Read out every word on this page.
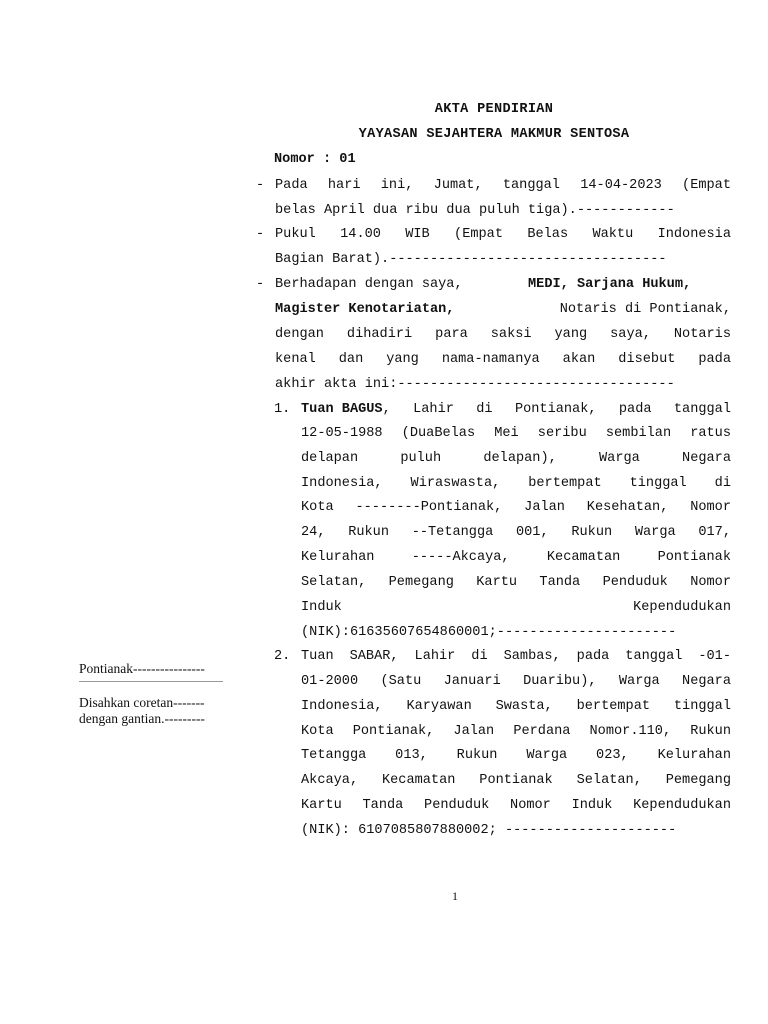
AKTA PENDIRIAN
YAYASAN SEJAHTERA MAKMUR SENTOSA
Nomor : 01
- Pada hari ini, Jumat, tanggal 14-04-2023 (Empat
belas April dua ribu dua puluh tiga).------------
- Pukul 14.00 WIB (Empat Belas Waktu Indonesia
Bagian Barat).----------------------------------
- Berhadapan dengan saya,	MEDI, Sarjana Hukum,
Magister Kenotariatan,	Notaris di Pontianak,
dengan dihadiri para saksi yang saya, Notaris
kenal dan yang nama-namanya akan disebut pada
akhir akta ini:----------------------------------
1. Tuan BAGUS , Lahir di Pontianak, pada tanggal
12-05-1988 (DuaBelas Mei seribu sembilan ratus
delapan puluh delapan), Warga Negara
Indonesia, Wiraswasta, bertempat tinggal di
Kota --------Pontianak, Jalan Kesehatan, Nomor
24, Rukun --Tetangga 001, Rukun Warga 017,
Kelurahan -----Akcaya, Kecamatan Pontianak
Selatan, Pemegang Kartu Tanda Penduduk Nomor
Induk Kependudukan
(NIK):61635607654860001;----------------------
2. Tuan SABAR, Lahir di Sambas, pada tanggal -01-
01-2000 (Satu Januari Duaribu), Warga Negara
Indonesia, Karyawan Swasta, bertempat tinggal
Kota Pontianak, Jalan Perdana Nomor.110, Rukun
Tetangga 013, Rukun Warga 023, Kelurahan
Akcaya, Kecamatan Pontianak Selatan, Pemegang
Kartu Tanda Penduduk Nomor Induk Kependudukan
(NIK): 6107085807880002; ---------------------
Pontianak----------------
Disahkan coretan-------
dengan gantian.---------
1
